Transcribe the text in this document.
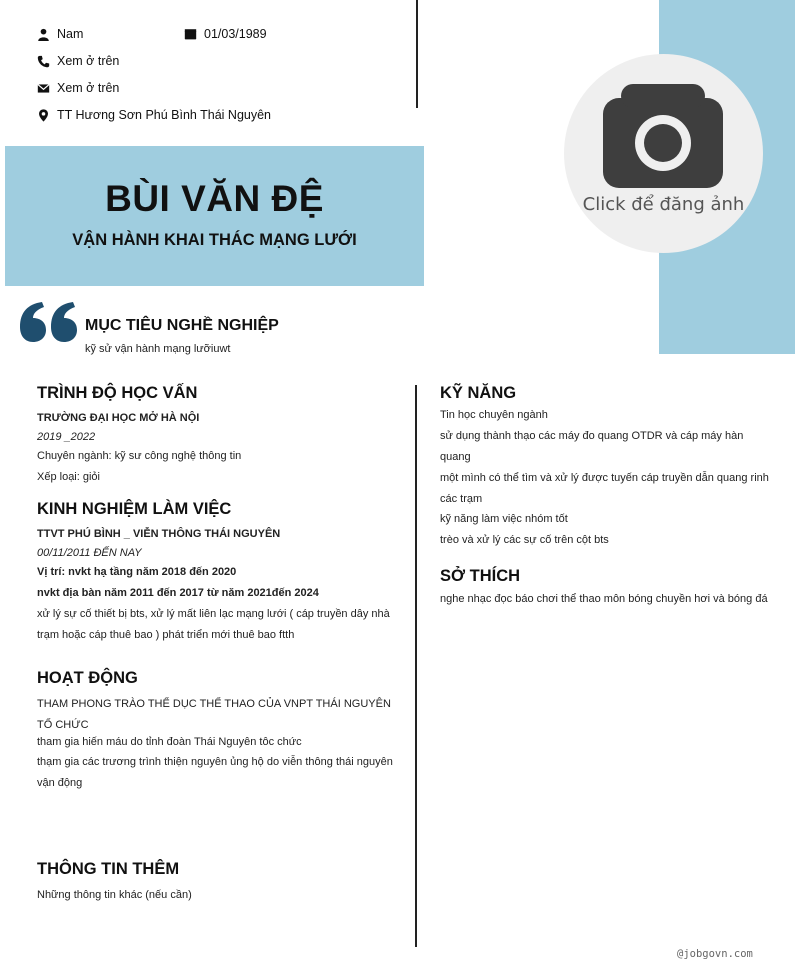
Nam	01/03/1989
Xem ở trên
Xem ở trên
TT Hương Sơn Phú Bình Thái Nguyên
BÙI VĂN ĐỆ
VẬN HÀNH KHAI THÁC MẠNG LƯỚI
Click để đăng ảnh
MỤC TIÊU NGHỀ NGHIỆP
kỹ sử vận hành mạng lưỡiuwt
TRÌNH ĐỘ HỌC VẤN
TRƯỜNG ĐẠI HỌC MỞ HÀ NỘI
2019 _2022
Chuyên ngành: kỹ sư công nghệ thông tin
Xếp loại: giỏi
KINH NGHIỆM LÀM VIỆC
TTVT PHÚ BÌNH _ VIỄN THÔNG THÁI NGUYÊN
00/11/2011 ĐẾN NAY
Vị trí: nvkt hạ tầng năm 2018 đến 2020
nvkt địa bàn năm 2011 đến 2017 từ năm 2021đến 2024
xử lý sự cố thiết bị bts, xử lý mất liên lạc mạng lưới ( cáp truyền dây nhà trạm hoặc cáp thuê bao ) phát triển mới thuê bao ftth
HOẠT ĐỘNG
THAM PHONG TRÀO THỂ DỤC THỂ THAO CỦA VNPT THÁI NGUYÊN TỔ CHỨC
tham gia hiến máu do tỉnh đoàn Thái Nguyên tôc chức
thạm gia các trương trình thiện nguyên ủng hộ do viễn thông thái nguyên vận động
THÔNG TIN THÊM
Những thông tin khác (nếu cần)
KỸ NĂNG
Tin học chuyên ngành
sử dụng thành thạo các máy đo quang OTDR và cáp máy hàn quang
một mình có thể tìm và xử lý được tuyến cáp truyền dẫn quang rinh các trạm
kỹ năng làm việc nhóm tốt
trèo và xử lý các sự cố trên cột bts
SỞ THÍCH
nghe nhạc đọc báo chơi thể thao môn bóng chuyền hơi và bóng đá
@jobgovn.com
